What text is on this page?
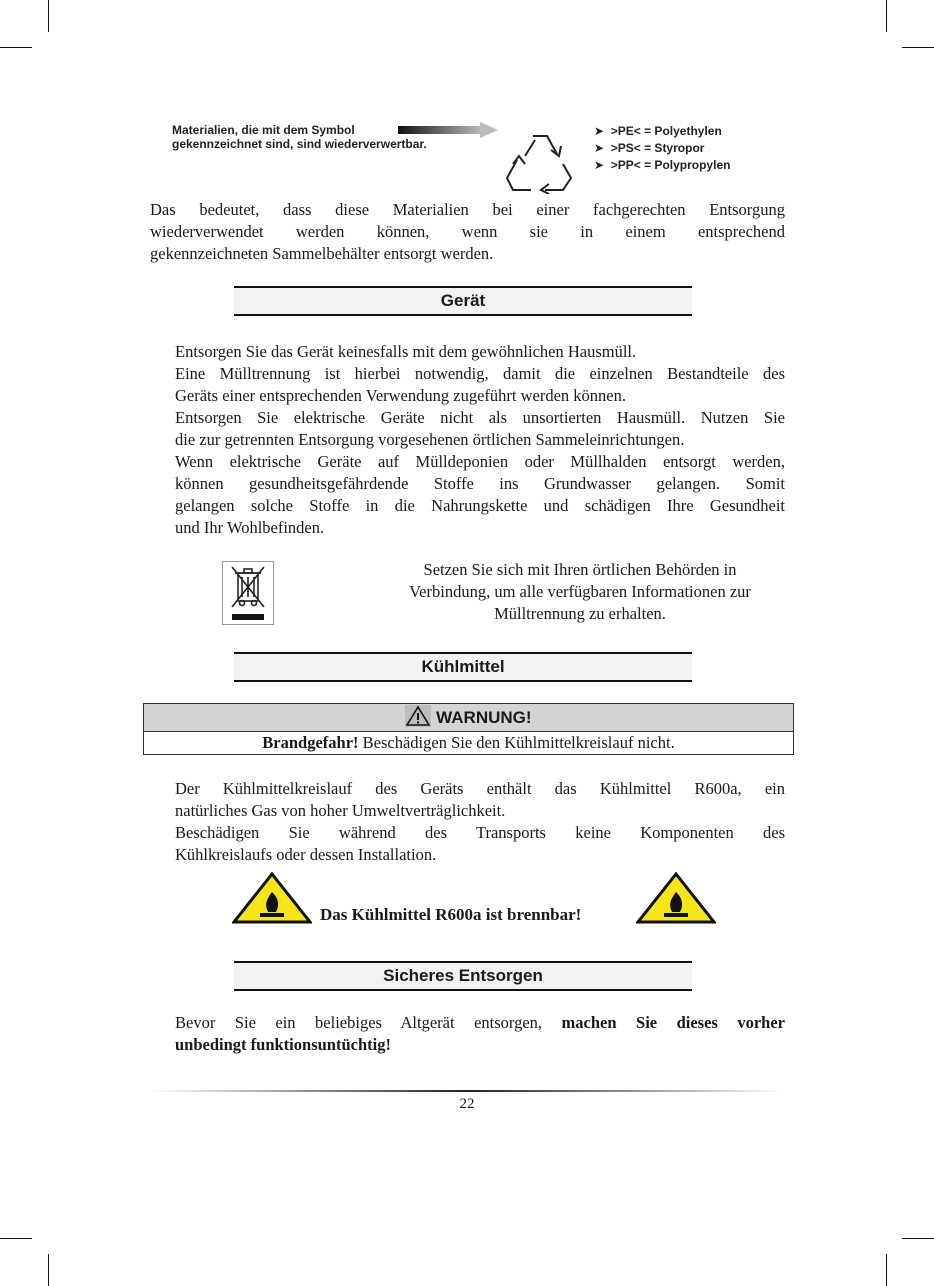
Materialien, die mit dem Symbol
gekennzeichnet sind, sind wiederverwertbar.
➤  >PE< = Polyethylen
➤  >PS< = Styropor
➤  >PP< = Polypropylen
Das bedeutet, dass diese Materialien bei einer fachgerechten Entsorgung
wiederverwendet werden können, wenn sie in einem entsprechend
gekennzeichneten Sammelbehälter entsorgt werden.
Gerät
Entsorgen Sie das Gerät keinesfalls mit dem gewöhnlichen Hausmüll.
Eine Mülltrennung ist hierbei notwendig, damit die einzelnen Bestandteile des
Geräts einer entsprechenden Verwendung zugeführt werden können.
Entsorgen Sie elektrische Geräte nicht als unsortierten Hausmüll. Nutzen Sie
die zur getrennten Entsorgung vorgesehenen örtlichen Sammeleinrichtungen.
Wenn elektrische Geräte auf Mülldeponien oder Müllhalden entsorgt werden,
können gesundheitsgefährdende Stoffe ins Grundwasser gelangen. Somit
gelangen solche Stoffe in die Nahrungskette und schädigen Ihre Gesundheit
und Ihr Wohlbefinden.
Setzen Sie sich mit Ihren örtlichen Behörden in
Verbindung, um alle verfügbaren Informationen zur
Mülltrennung zu erhalten.
Kühlmittel
WARNUNG!
Brandgefahr! Beschädigen Sie den Kühlmittelkreislauf nicht.
Der Kühlmittelkreislauf des Geräts enthält das Kühlmittel R600a, ein
natürliches Gas von hoher Umweltverträglichkeit.
Beschädigen Sie während des Transports keine Komponenten des
Kühlkreislaufs oder dessen Installation.
Das Kühlmittel R600a ist brennbar!
Sicheres Entsorgen
Bevor Sie ein beliebiges Altgerät entsorgen, machen Sie dieses vorher
unbedingt funktionsuntüchtig!
22
